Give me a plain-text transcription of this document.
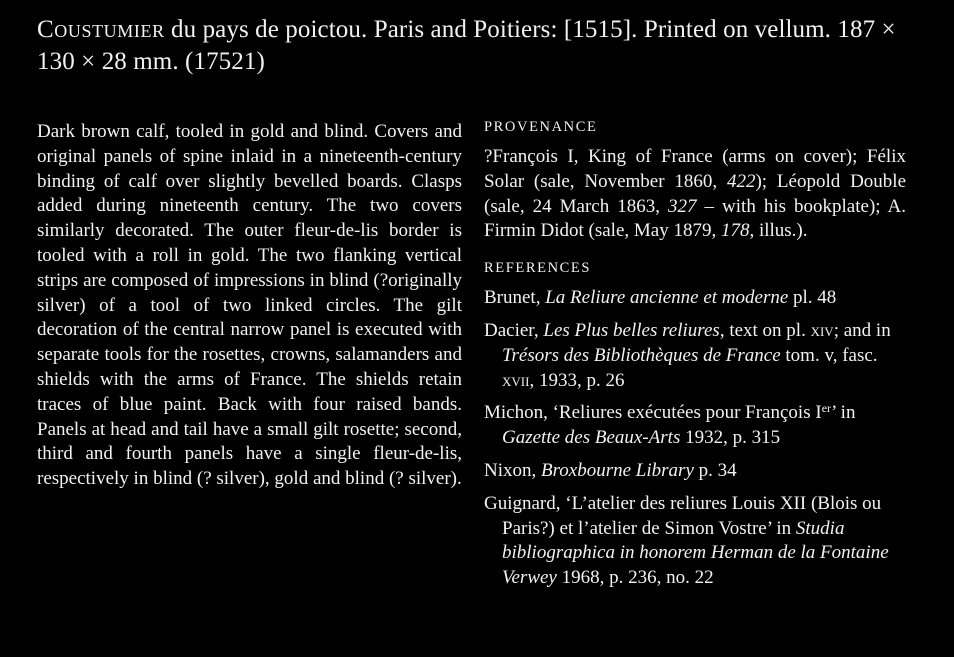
Coustumier du pays de poictou. Paris and Poitiers: [1515]. Printed on vellum. 187 × 130 × 28 mm. (17521)
Dark brown calf, tooled in gold and blind. Covers and original panels of spine inlaid in a nineteenth-century binding of calf over slightly bevelled boards. Clasps added during nineteenth century. The two covers similarly decorated. The outer fleur-de-lis border is tooled with a roll in gold. The two flanking vertical strips are composed of impressions in blind (?originally silver) of a tool of two linked circles. The gilt decoration of the central narrow panel is executed with separate tools for the rosettes, crowns, salamanders and shields with the arms of France. The shields retain traces of blue paint. Back with four raised bands. Panels at head and tail have a small gilt rosette; second, third and fourth panels have a single fleur-de-lis, respectively in blind (? silver), gold and blind (? silver).

PROVENANCE

?François I, King of France (arms on cover); Félix Solar (sale, November 1860, 422); Léopold Double (sale, 24 March 1863, 327 – with his bookplate); A. Firmin Didot (sale, May 1879, 178, illus.).

REFERENCES

Brunet, La Reliure ancienne et moderne pl. 48

Dacier, Les Plus belles reliures, text on pl. xiv; and in Trésors des Bibliothèques de France tom. v, fasc. xvii, 1933, p. 26

Michon, ‘Reliures exécutées pour François Ier’ in Gazette des Beaux-Arts 1932, p. 315

Nixon, Broxbourne Library p. 34

Guignard, ‘L’atelier des reliures Louis XII (Blois ou Paris?) et l’atelier de Simon Vostre’ in Studia bibliographica in honorem Herman de la Fontaine Verwey 1968, p. 236, no. 22
